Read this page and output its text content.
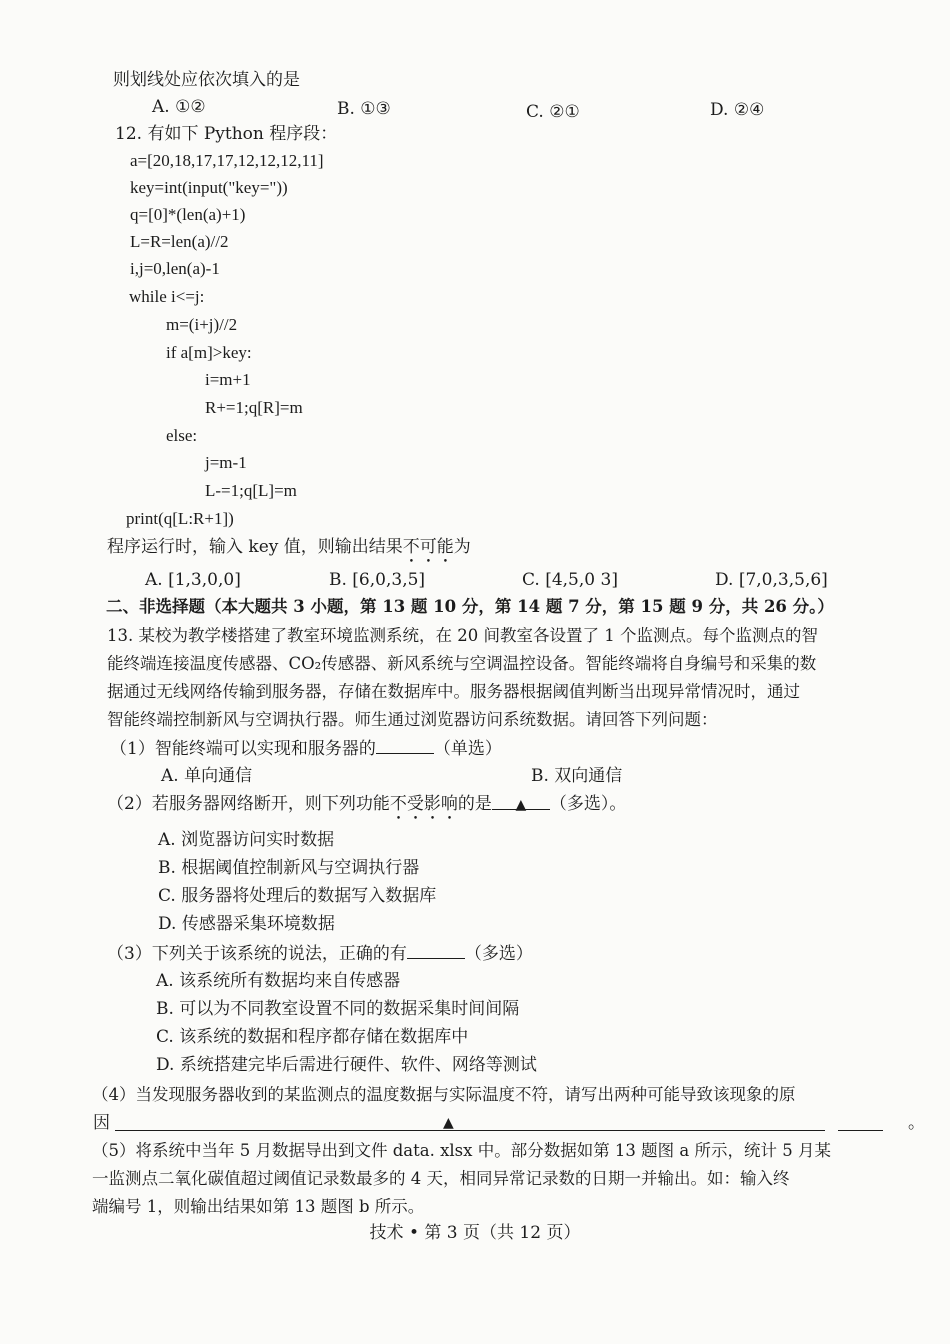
则划线处应依次填入的是
A. ①②	B. ①③	C. ②①	D. ②④
12. 有如下 Python 程序段：
a=[20,18,17,17,12,12,12,11]
key=int(input("key="))
q=[0]*(len(a)+1)
L=R=len(a)//2
i,j=0,len(a)-1
while i<=j:
m=(i+j)//2
if a[m]>key:
i=m+1
R+=1;q[R]=m
else:
j=m-1
L-=1;q[L]=m
print(q[L:R+1])
程序运行时，输入 key 值，则输出结果不可能为
A. [1,3,0,0]	B. [6,0,3,5]	C. [4,5,0 3]	D. [7,0,3,5,6]
二、非选择题（本大题共 3 小题，第 13 题 10 分，第 14 题 7 分，第 15 题 9 分，共 26 分。）
13. 某校为教学楼搭建了教室环境监测系统，在 20 间教室各设置了 1 个监测点。每个监测点的智
能终端连接温度传感器、CO₂传感器、新风系统与空调温控设备。智能终端将自身编号和采集的数
据通过无线网络传输到服务器，存储在数据库中。服务器根据阈值判断当出现异常情况时，通过
智能终端控制新风与空调执行器。师生通过浏览器访问系统数据。请回答下列问题：
（1）智能终端可以实现和服务器的	（单选）
A. 单向通信	B. 双向通信
（2）若服务器网络断开，则下列功能不受影响的是 ▲ （多选）。
A. 浏览器访问实时数据
B. 根据阈值控制新风与空调执行器
C. 服务器将处理后的数据写入数据库
D. 传感器采集环境数据
（3）下列关于该系统的说法，正确的有	（多选）
A. 该系统所有数据均来自传感器
B. 可以为不同教室设置不同的数据采集时间间隔
C. 该系统的数据和程序都存储在数据库中
D. 系统搭建完毕后需进行硬件、软件、网络等测试
（4）当发现服务器收到的某监测点的温度数据与实际温度不符，请写出两种可能导致该现象的原
因	▲	。
（5）将系统中当年 5 月数据导出到文件 data. xlsx 中。部分数据如第 13 题图 a 所示，统计 5 月某
一监测点二氧化碳值超过阈值记录数最多的 4 天，相同异常记录数的日期一并输出。如：输入终
端编号 1，则输出结果如第 13 题图 b 所示。
技术 • 第 3 页（共 12 页）
